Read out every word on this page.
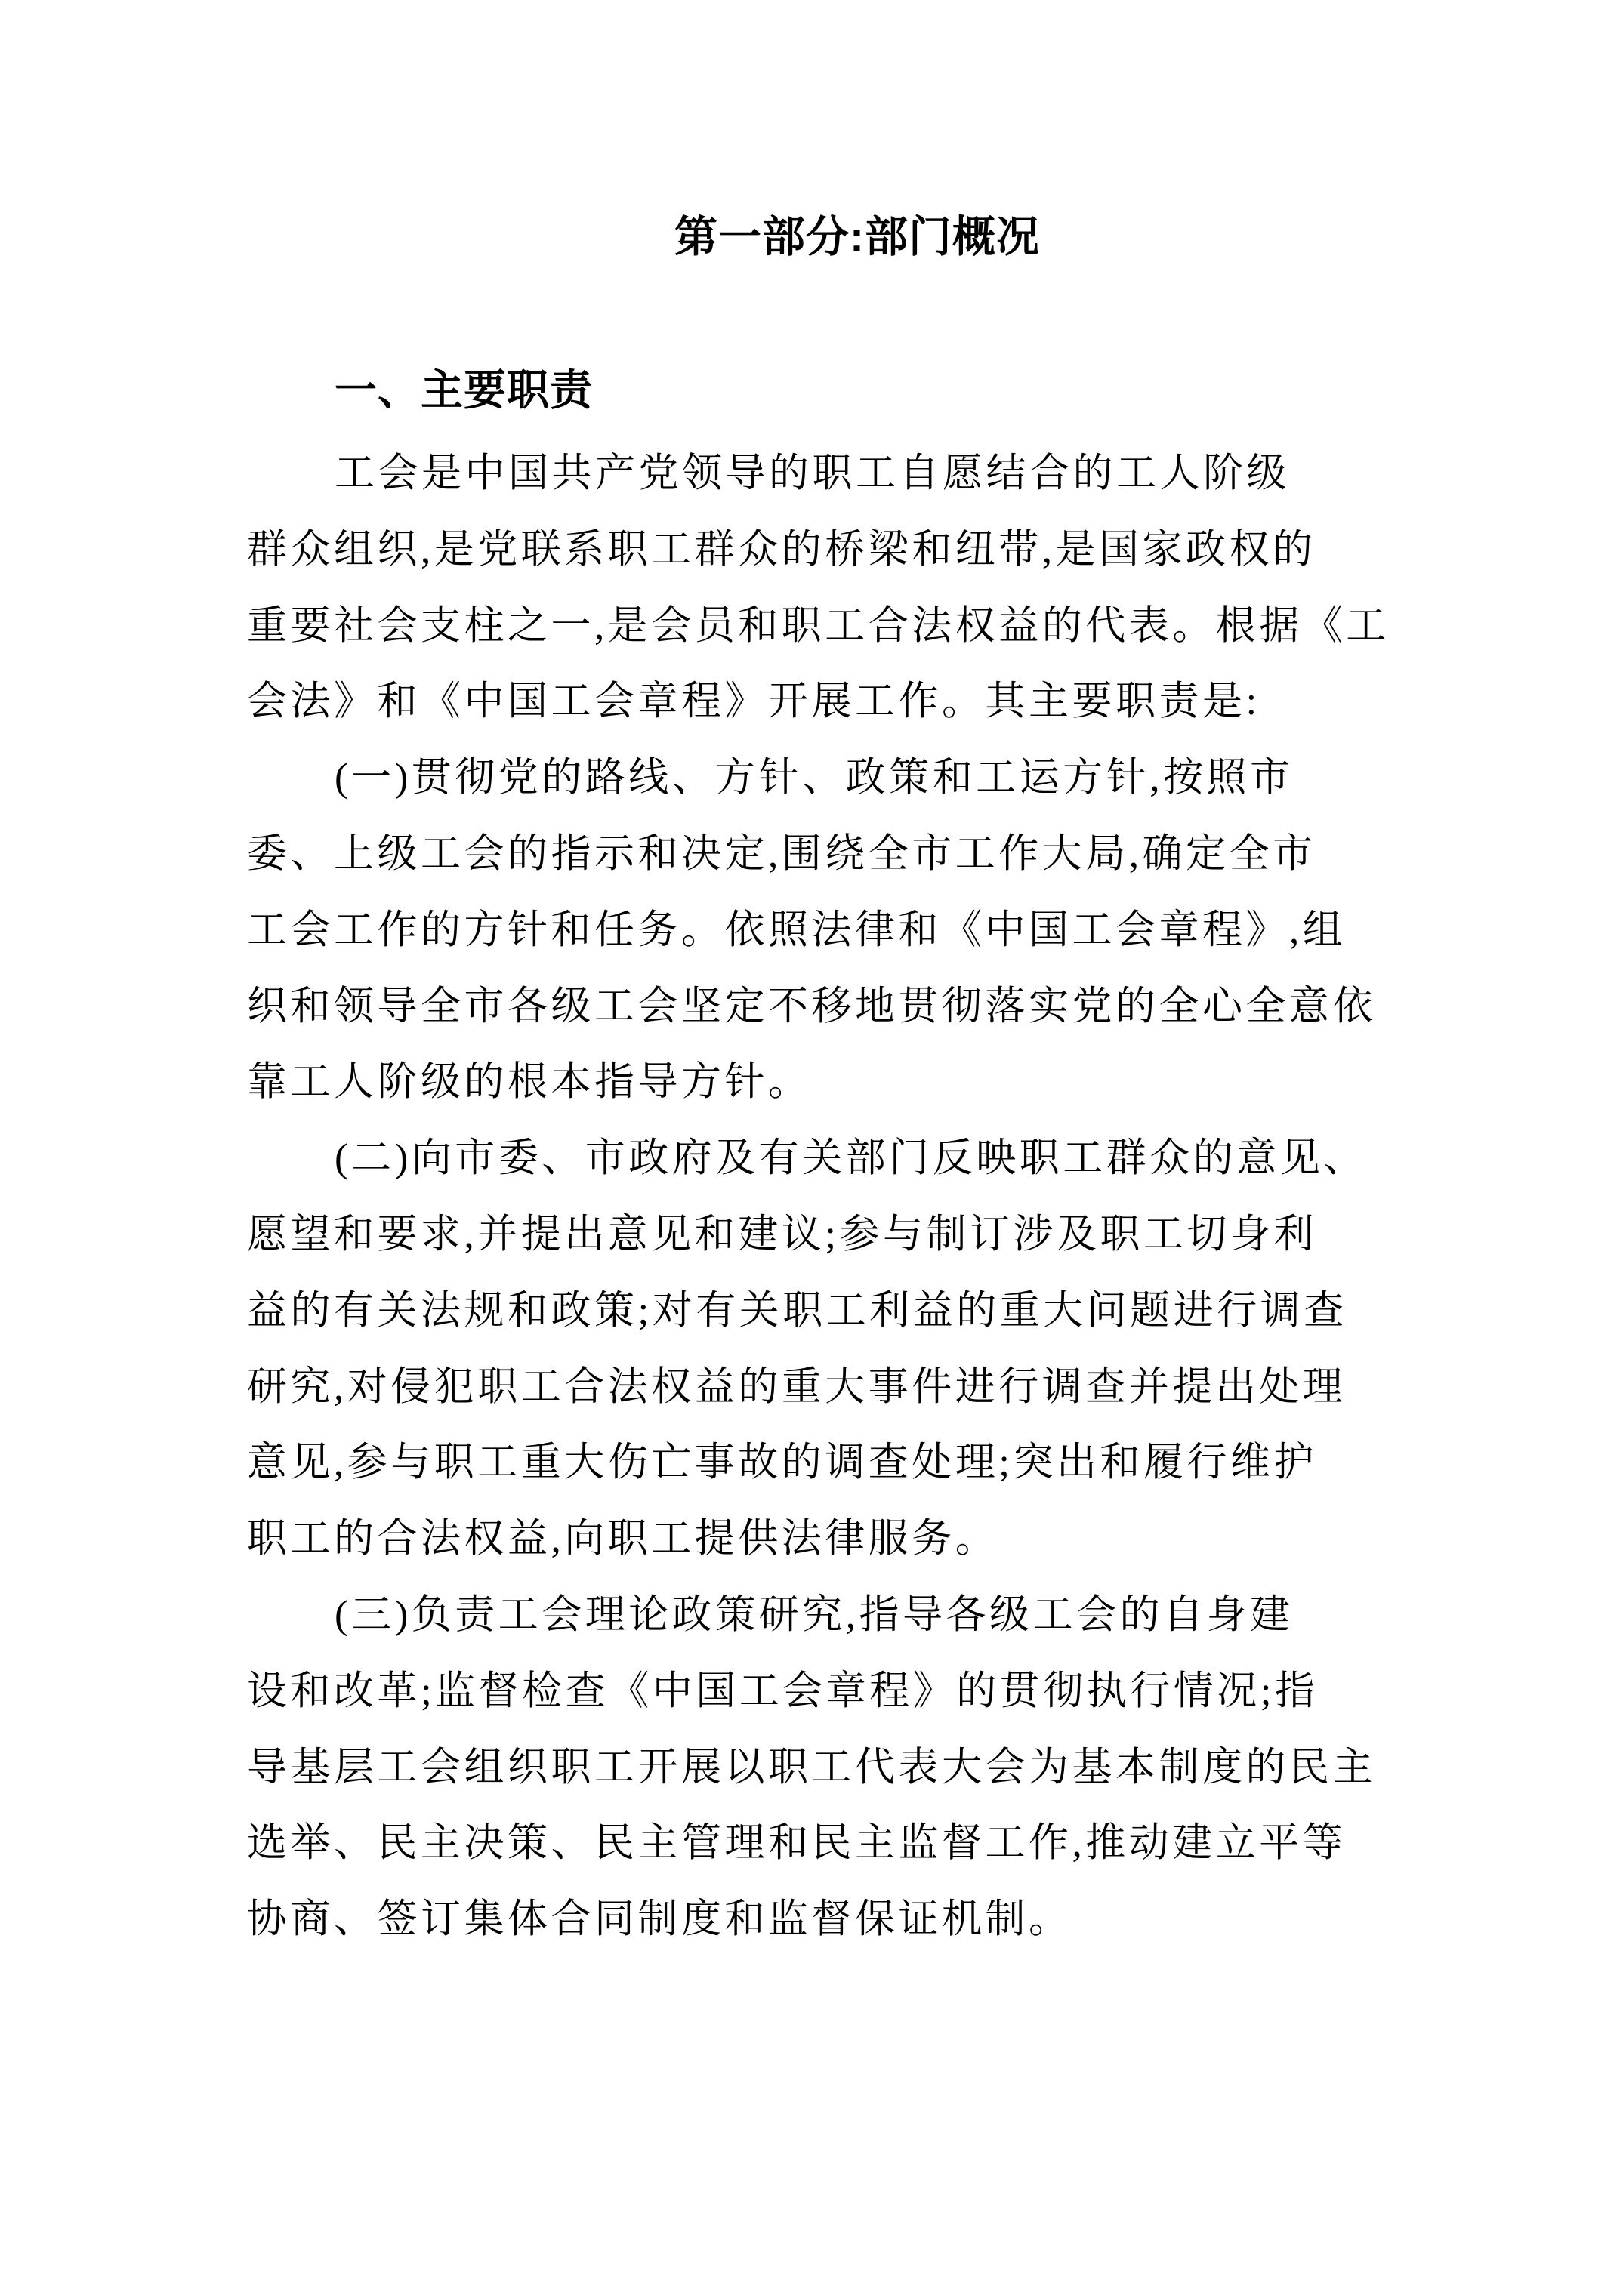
第一部分:部门概况
一、主要职责
工会是中国共产党领导的职工自愿结合的工人阶级
群众组织,是党联系职工群众的桥梁和纽带,是国家政权的
重要社会支柱之一,是会员和职工合法权益的代表。根据《工
会法》和《中国工会章程》开展工作。其主要职责是:
(一)贯彻党的路线、方针、政策和工运方针,按照市
委、上级工会的指示和决定,围绕全市工作大局,确定全市
工会工作的方针和任务。依照法律和《中国工会章程》,组
织和领导全市各级工会坚定不移地贯彻落实党的全心全意依
靠工人阶级的根本指导方针。
(二)向市委、市政府及有关部门反映职工群众的意见、
愿望和要求,并提出意见和建议;参与制订涉及职工切身利
益的有关法规和政策;对有关职工利益的重大问题进行调查
研究,对侵犯职工合法权益的重大事件进行调查并提出处理
意见,参与职工重大伤亡事故的调查处理;突出和履行维护
职工的合法权益,向职工提供法律服务。
(三)负责工会理论政策研究,指导各级工会的自身建
设和改革;监督检查《中国工会章程》的贯彻执行情况;指
导基层工会组织职工开展以职工代表大会为基本制度的民主
选举、民主决策、民主管理和民主监督工作,推动建立平等
协商、签订集体合同制度和监督保证机制。
